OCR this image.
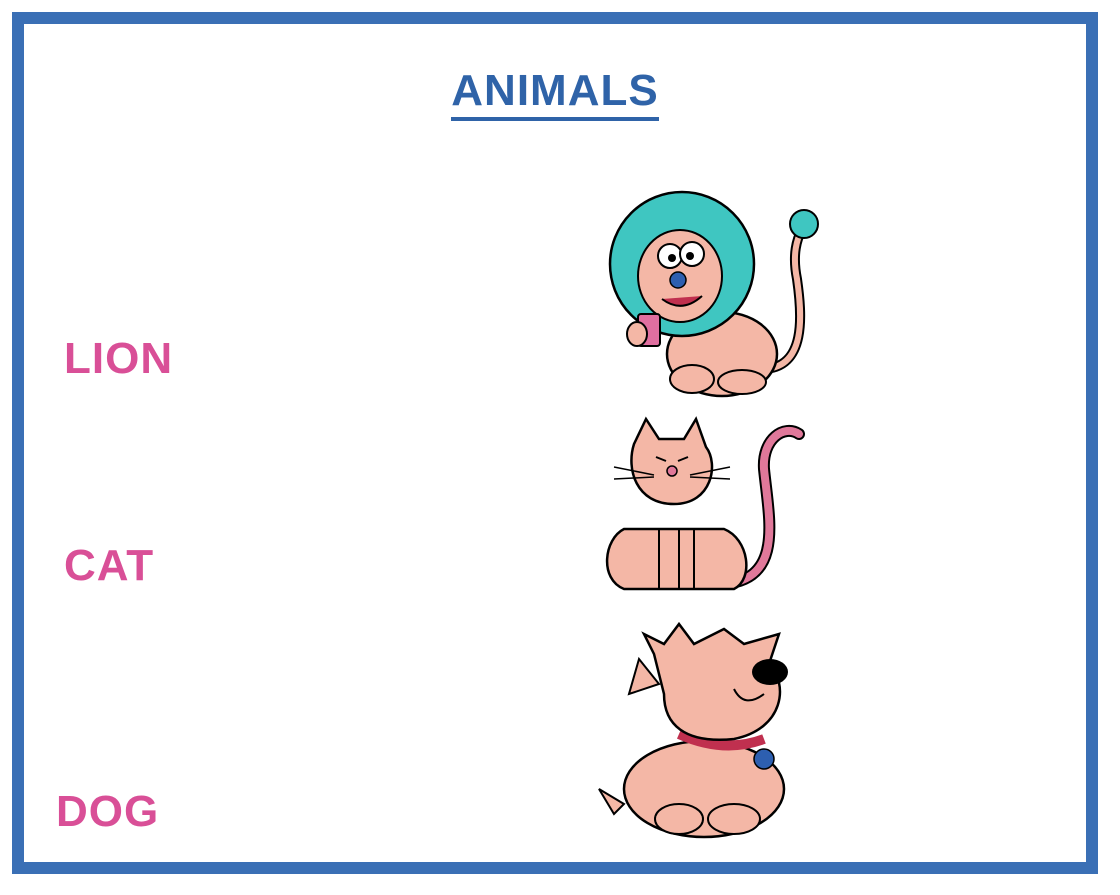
ANIMALS
LION
CAT
DOG
